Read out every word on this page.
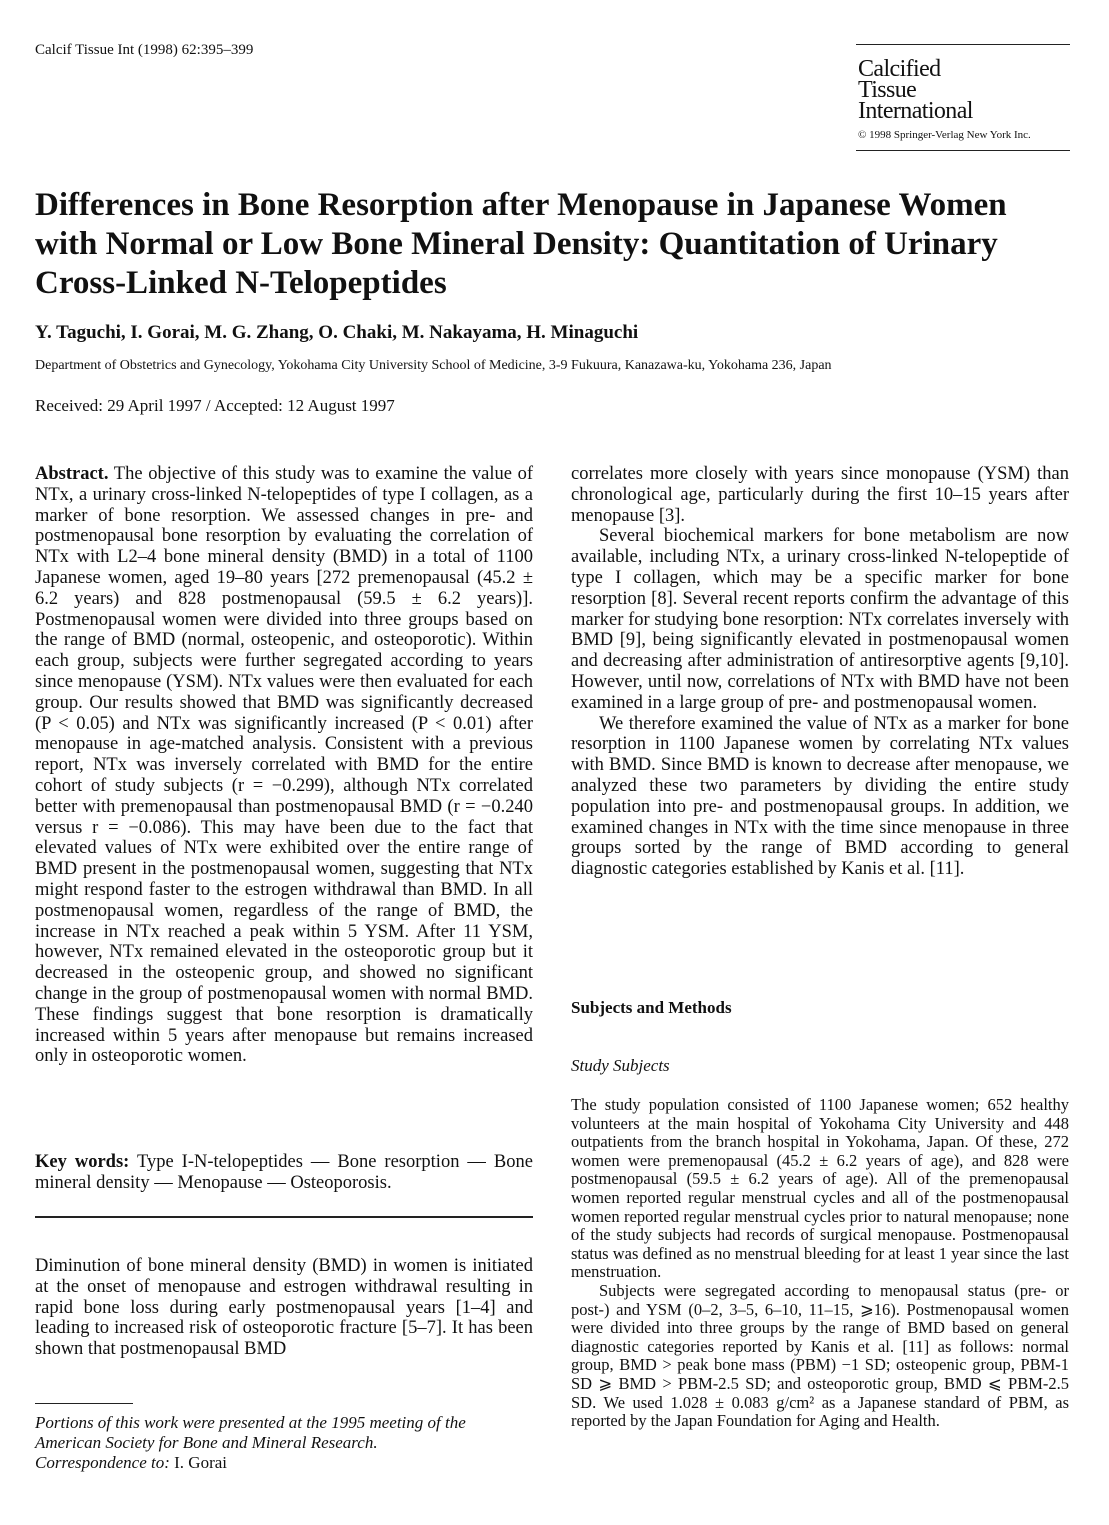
Calcif Tissue Int (1998) 62:395–399
Calcified
Tissue
International
© 1998 Springer-Verlag New York Inc.
Differences in Bone Resorption after Menopause in Japanese Women with Normal or Low Bone Mineral Density: Quantitation of Urinary Cross-Linked N-Telopeptides
Y. Taguchi, I. Gorai, M. G. Zhang, O. Chaki, M. Nakayama, H. Minaguchi
Department of Obstetrics and Gynecology, Yokohama City University School of Medicine, 3-9 Fukuura, Kanazawa-ku, Yokohama 236, Japan
Received: 29 April 1997 / Accepted: 12 August 1997

Abstract. The objective of this study was to examine the value of NTx, a urinary cross-linked N-telopeptides of type I collagen, as a marker of bone resorption. We assessed changes in pre- and postmenopausal bone resorption by evaluating the correlation of NTx with L2–4 bone mineral density (BMD) in a total of 1100 Japanese women, aged 19–80 years [272 premenopausal (45.2 ± 6.2 years) and 828 postmenopausal (59.5 ± 6.2 years)]. Postmenopausal women were divided into three groups based on the range of BMD (normal, osteopenic, and osteoporotic). Within each group, subjects were further segregated according to years since menopause (YSM). NTx values were then evaluated for each group. Our results showed that BMD was significantly decreased (P < 0.05) and NTx was significantly increased (P < 0.01) after menopause in age-matched analysis. Consistent with a previous report, NTx was inversely correlated with BMD for the entire cohort of study subjects (r = −0.299), although NTx correlated better with premenopausal than postmenopausal BMD (r = −0.240 versus r = −0.086). This may have been due to the fact that elevated values of NTx were exhibited over the entire range of BMD present in the postmenopausal women, suggesting that NTx might respond faster to the estrogen withdrawal than BMD. In all postmenopausal women, regardless of the range of BMD, the increase in NTx reached a peak within 5 YSM. After 11 YSM, however, NTx remained elevated in the osteoporotic group but it decreased in the osteopenic group, and showed no significant change in the group of postmenopausal women with normal BMD. These findings suggest that bone resorption is dramatically increased within 5 years after menopause but remains increased only in osteoporotic women.

Key words: Type I-N-telopeptides — Bone resorption — Bone mineral density — Menopause — Osteoporosis.

Diminution of bone mineral density (BMD) in women is initiated at the onset of menopause and estrogen withdrawal resulting in rapid bone loss during early postmenopausal years [1–4] and leading to increased risk of osteoporotic fracture [5–7]. It has been shown that postmenopausal BMD

Portions of this work were presented at the 1995 meeting of the American Society for Bone and Mineral Research.
Correspondence to: I. Gorai

correlates more closely with years since monopause (YSM) than chronological age, particularly during the first 10–15 years after menopause [3].

Several biochemical markers for bone metabolism are now available, including NTx, a urinary cross-linked N-telopeptide of type I collagen, which may be a specific marker for bone resorption [8]. Several recent reports confirm the advantage of this marker for studying bone resorption: NTx correlates inversely with BMD [9], being significantly elevated in postmenopausal women and decreasing after administration of antiresorptive agents [9,10]. However, until now, correlations of NTx with BMD have not been examined in a large group of pre- and postmenopausal women.

We therefore examined the value of NTx as a marker for bone resorption in 1100 Japanese women by correlating NTx values with BMD. Since BMD is known to decrease after menopause, we analyzed these two parameters by dividing the entire study population into pre- and postmenopausal groups. In addition, we examined changes in NTx with the time since menopause in three groups sorted by the range of BMD according to general diagnostic categories established by Kanis et al. [11].

Subjects and Methods
Study Subjects

The study population consisted of 1100 Japanese women; 652 healthy volunteers at the main hospital of Yokohama City University and 448 outpatients from the branch hospital in Yokohama, Japan. Of these, 272 women were premenopausal (45.2 ± 6.2 years of age), and 828 were postmenopausal (59.5 ± 6.2 years of age). All of the premenopausal women reported regular menstrual cycles and all of the postmenopausal women reported regular menstrual cycles prior to natural menopause; none of the study subjects had records of surgical menopause. Postmenopausal status was defined as no menstrual bleeding for at least 1 year since the last menstruation.

Subjects were segregated according to menopausal status (pre- or post-) and YSM (0–2, 3–5, 6–10, 11–15, ⩾16). Postmenopausal women were divided into three groups by the range of BMD based on general diagnostic categories reported by Kanis et al. [11] as follows: normal group, BMD > peak bone mass (PBM) −1 SD; osteopenic group, PBM-1 SD ⩾ BMD > PBM-2.5 SD; and osteoporotic group, BMD ⩽ PBM-2.5 SD. We used 1.028 ± 0.083 g/cm² as a Japanese standard of PBM, as reported by the Japan Foundation for Aging and Health.
